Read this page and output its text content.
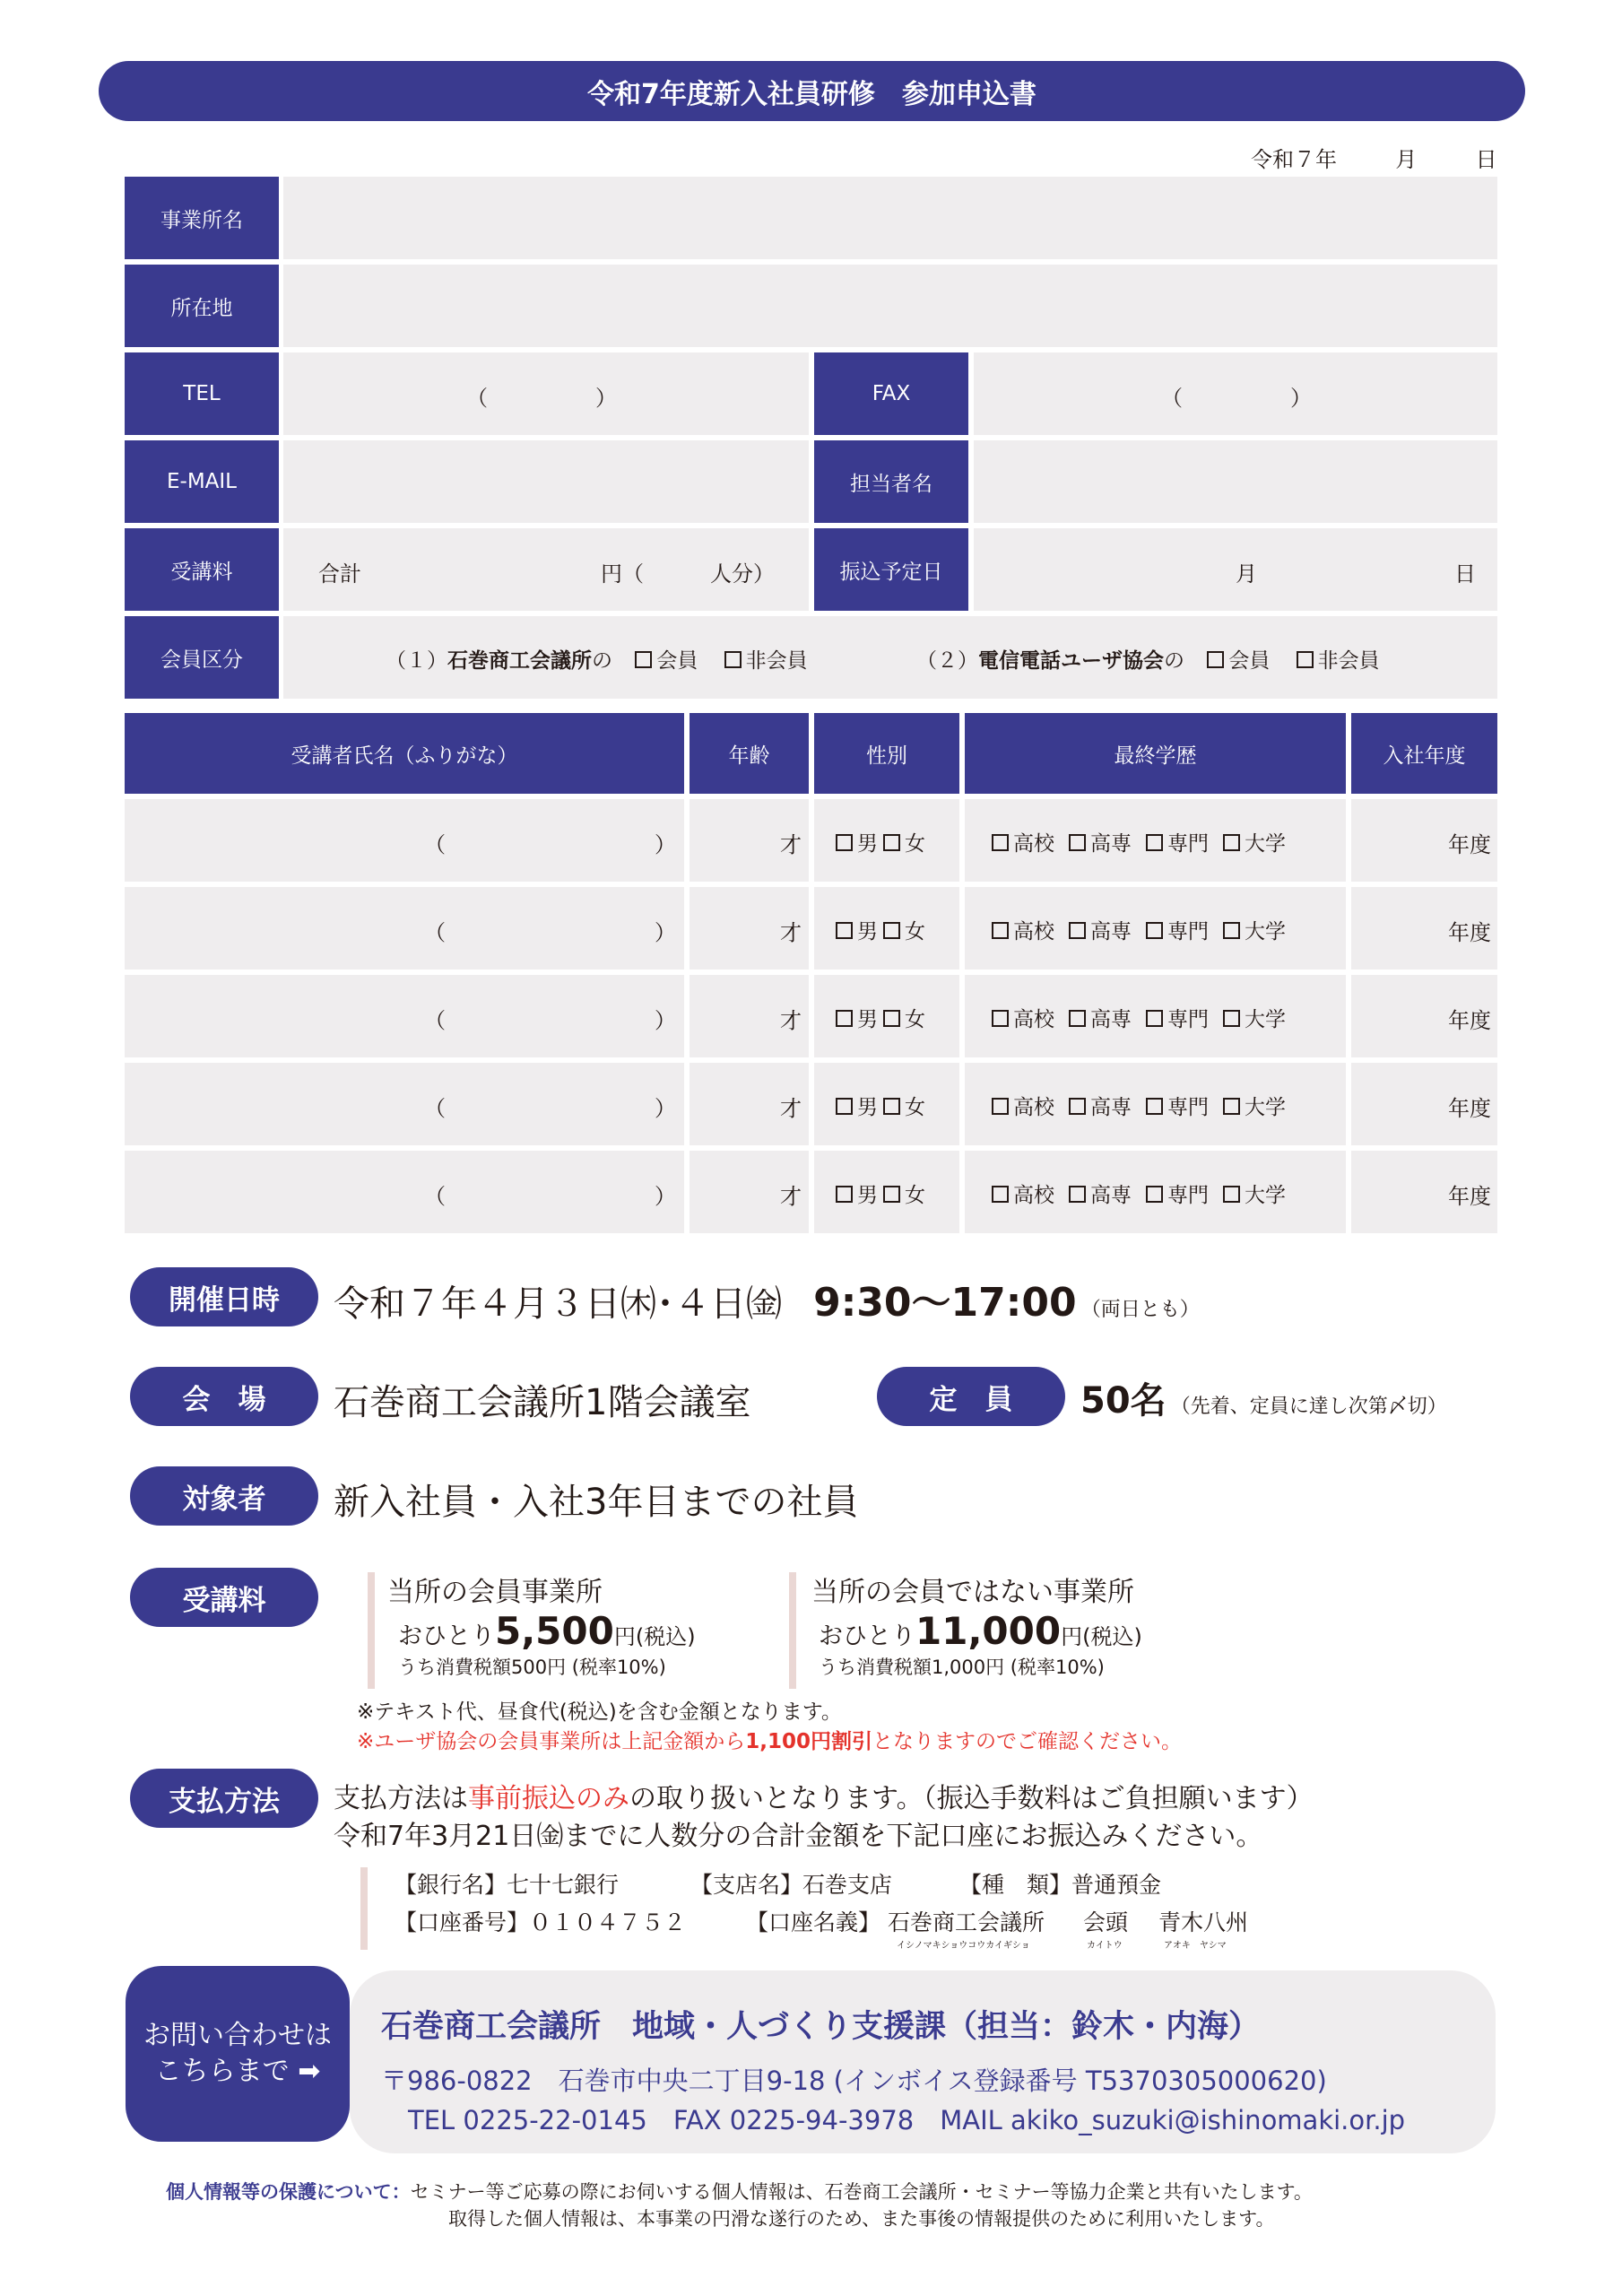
令和7年度新入社員研修　参加申込書
令和７年	月	日
事業所名
所在地
TEL	（　　　　　）	FAX	（　　　　　）
E-MAIL	担当者名
受講料	合計	円（	人分）	振込予定日	月	日
会員区分	（１）石巻商工会議所の 会員 非会員	（２）電信電話ユーザ協会の 会員 非会員
受講者氏名（ふりがな）	年齢	性別	最終学歴	入社年度
（	）	才	男 女	高校 高専 専門 大学	年度
（	）	才	男 女	高校 高専 専門 大学	年度
（	）	才	男 女	高校 高専 専門 大学	年度
（	）	才	男 女	高校 高専 専門 大学	年度
（	）	才	男 女	高校 高専 専門 大学	年度
開催日時	令和７年４月３日㈭･４日㈮ 9:30～17:00 （両日とも）
会　場	石巻商工会議所1階会議室	定　員	50名 （先着、定員に達し次第〆切）
対象者	新入社員・入社3年目までの社員
受講料	当所の会員事業所
おひとり5,500円(税込)
うち消費税額500円 (税率10%)
当所の会員ではない事業所
おひとり11,000円(税込)
うち消費税額1,000円 (税率10%)
※テキスト代、昼食代(税込)を含む金額となります。
※ユーザ協会の会員事業所は上記金額から1,100円割引となりますのでご確認ください。
支払方法	支払方法は事前振込のみの取り扱いとなります。（振込手数料はご負担願います）
令和7年3月21日㈮までに人数分の合計金額を下記口座にお振込みください。
【銀行名】七十七銀行	【支店名】石巻支店	【種　類】普通預金
【口座番号】０１０４７５２	【口座名義】 石巻商工会議所
イシノマキショウコウカイギショ
会頭
カイトウ
青木八州
アオキ　ヤシマ
お問い合わせは
こちらまで ➡
石巻商工会議所　地域・人づくり支援課（担当：鈴木・内海）
〒986-0822　石巻市中央二丁目9-18 (インボイス登録番号 T5370305000620)
TEL 0225-22-0145　FAX 0225-94-3978　MAIL akiko_suzuki@ishinomaki.or.jp
個人情報等の保護について：セミナー等ご応募の際にお伺いする個人情報は、石巻商工会議所・セミナー等協力企業と共有いたします。
取得した個人情報は、本事業の円滑な遂行のため、また事後の情報提供のために利用いたします。
